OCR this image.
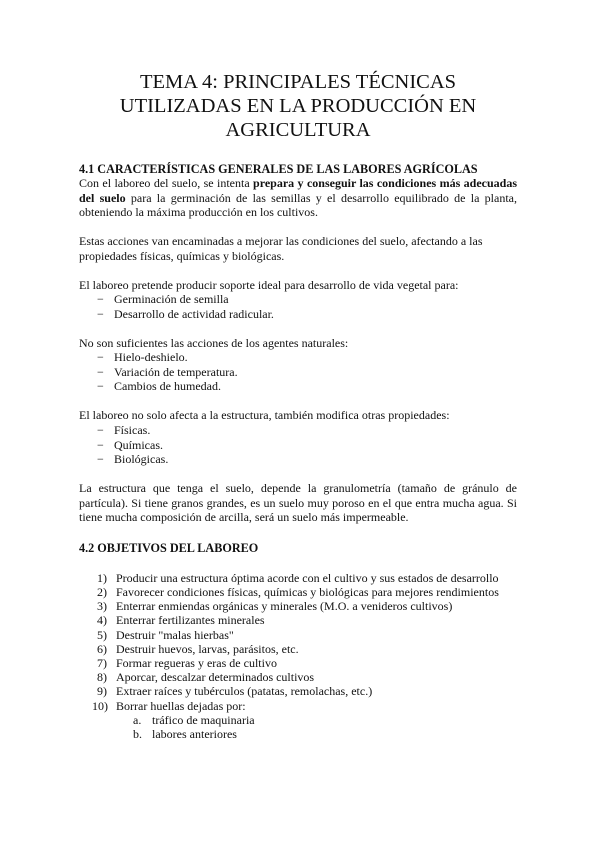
TEMA 4: PRINCIPALES TÉCNICAS
UTILIZADAS EN LA PRODUCCIÓN EN
AGRICULTURA
4.1 CARACTERÍSTICAS GENERALES DE LAS LABORES AGRÍCOLAS

Con el laboreo del suelo, se intenta prepara y conseguir las condiciones más adecuadas del suelo para la germinación de las semillas y el desarrollo equilibrado de la planta, obteniendo la máxima producción en los cultivos.

Estas acciones van encaminadas a mejorar las condiciones del suelo, afectando a las propiedades físicas, químicas y biológicas.

El laboreo pretende producir soporte ideal para desarrollo de vida vegetal para:

− Germinación de semilla
− Desarrollo de actividad radicular.

No son suficientes las acciones de los agentes naturales:

− Hielo-deshielo.
− Variación de temperatura.
− Cambios de humedad.

El laboreo no solo afecta a la estructura, también modifica otras propiedades:

− Físicas.
− Químicas.
− Biológicas.

La estructura que tenga el suelo, depende la granulometría (tamaño de gránulo de partícula). Si tiene granos grandes, es un suelo muy poroso en el que entra mucha agua. Si tiene mucha composición de arcilla, será un suelo más impermeable.

4.2 OBJETIVOS DEL LABOREO
1) Producir una estructura óptima acorde con el cultivo y sus estados de desarrollo
2) Favorecer condiciones físicas, químicas y biológicas para mejores rendimientos
3) Enterrar enmiendas orgánicas y minerales (M.O. a venideros cultivos)
4) Enterrar fertilizantes minerales
5) Destruir "malas hierbas"
6) Destruir huevos, larvas, parásitos, etc.
7) Formar regueras y eras de cultivo
8) Aporcar, descalzar determinados cultivos
9) Extraer raíces y tubérculos (patatas, remolachas, etc.)
10) Borrar huellas dejadas por:
a. tráfico de maquinaria
b. labores anteriores
